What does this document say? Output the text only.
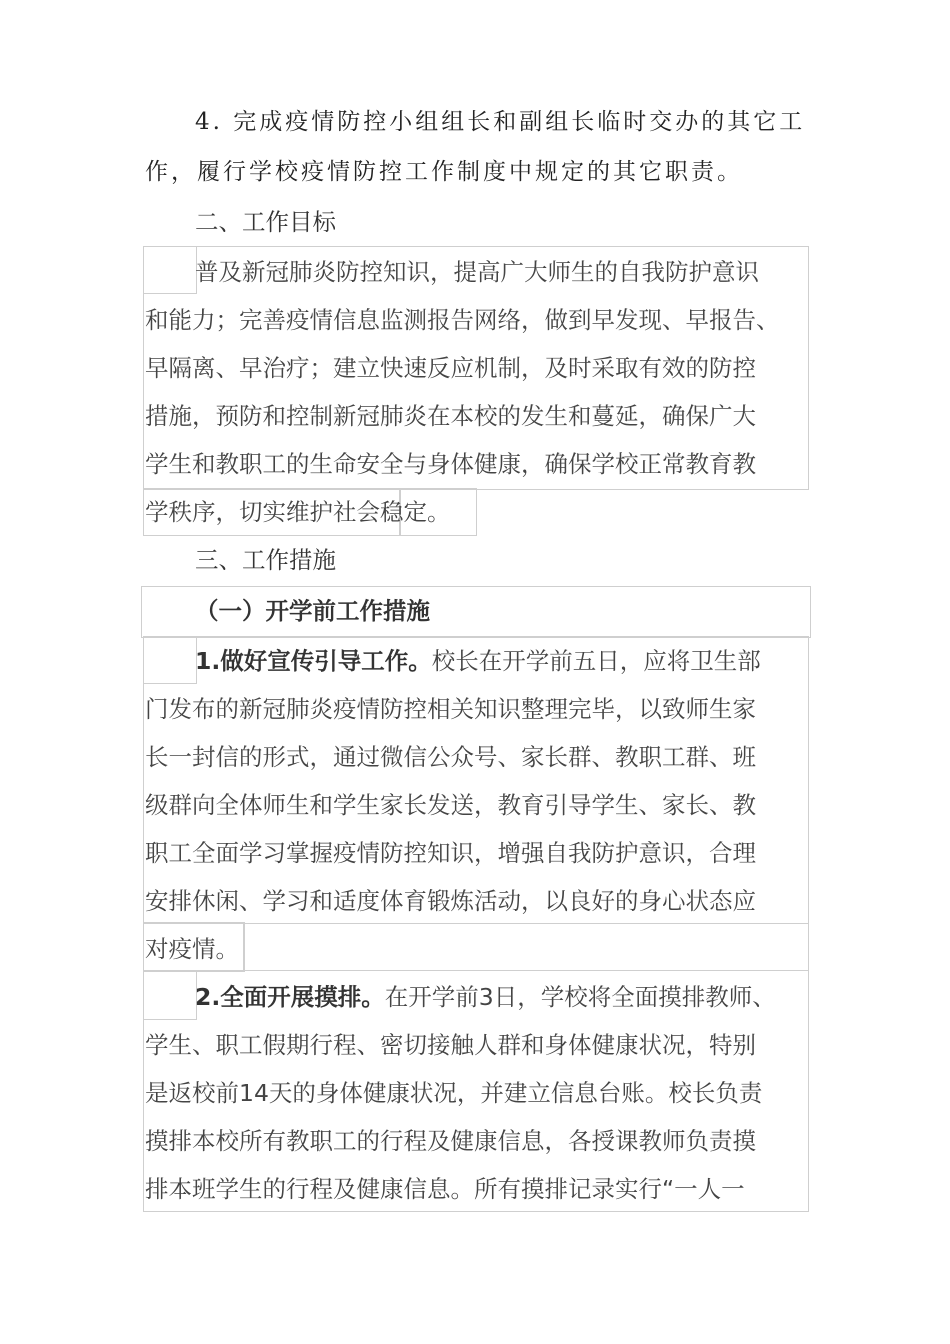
4. 完成疫情防控小组组长和副组长临时交办的其它工
作，履行学校疫情防控工作制度中规定的其它职责。
二、工作目标
普及新冠肺炎防控知识，提高广大师生的自我防护意识
和能力；完善疫情信息监测报告网络，做到早发现、早报告、
早隔离、早治疗；建立快速反应机制，及时采取有效的防控
措施，预防和控制新冠肺炎在本校的发生和蔓延，确保广大
学生和教职工的生命安全与身体健康，确保学校正常教育教
学秩序，切实维护社会稳定。
三、工作措施
（一）开学前工作措施
1.做好宣传引导工作。校长在开学前五日，应将卫生部
门发布的新冠肺炎疫情防控相关知识整理完毕，以致师生家
长一封信的形式，通过微信公众号、家长群、教职工群、班
级群向全体师生和学生家长发送，教育引导学生、家长、教
职工全面学习掌握疫情防控知识，增强自我防护意识，合理
安排休闲、学习和适度体育锻炼活动，以良好的身心状态应
对疫情。
2.全面开展摸排。在开学前3日，学校将全面摸排教师、
学生、职工假期行程、密切接触人群和身体健康状况，特别
是返校前14天的身体健康状况，并建立信息台账。校长负责
摸排本校所有教职工的行程及健康信息，各授课教师负责摸
排本班学生的行程及健康信息。所有摸排记录实行“一人一
